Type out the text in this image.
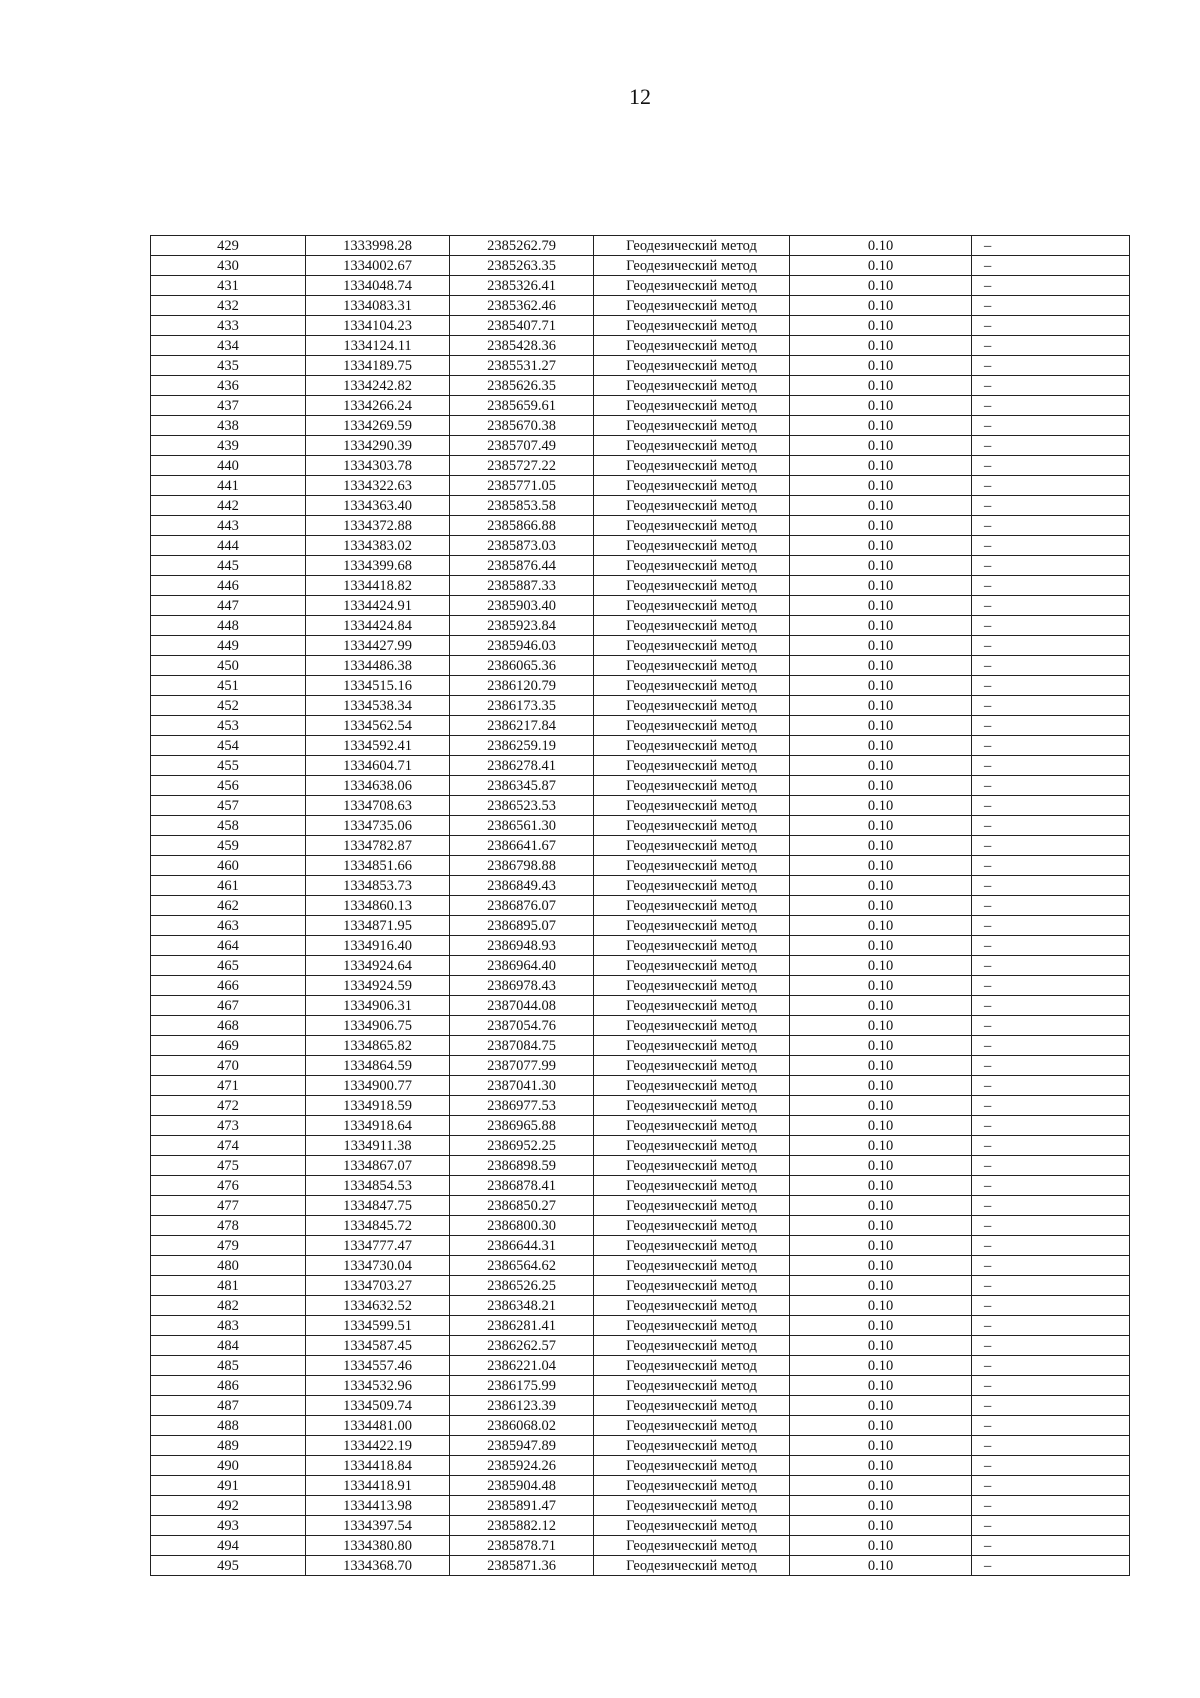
12
429	1333998.28	2385262.79	Геодезический метод	0.10	–
430	1334002.67	2385263.35	Геодезический метод	0.10	–
431	1334048.74	2385326.41	Геодезический метод	0.10	–
432	1334083.31	2385362.46	Геодезический метод	0.10	–
433	1334104.23	2385407.71	Геодезический метод	0.10	–
434	1334124.11	2385428.36	Геодезический метод	0.10	–
435	1334189.75	2385531.27	Геодезический метод	0.10	–
436	1334242.82	2385626.35	Геодезический метод	0.10	–
437	1334266.24	2385659.61	Геодезический метод	0.10	–
438	1334269.59	2385670.38	Геодезический метод	0.10	–
439	1334290.39	2385707.49	Геодезический метод	0.10	–
440	1334303.78	2385727.22	Геодезический метод	0.10	–
441	1334322.63	2385771.05	Геодезический метод	0.10	–
442	1334363.40	2385853.58	Геодезический метод	0.10	–
443	1334372.88	2385866.88	Геодезический метод	0.10	–
444	1334383.02	2385873.03	Геодезический метод	0.10	–
445	1334399.68	2385876.44	Геодезический метод	0.10	–
446	1334418.82	2385887.33	Геодезический метод	0.10	–
447	1334424.91	2385903.40	Геодезический метод	0.10	–
448	1334424.84	2385923.84	Геодезический метод	0.10	–
449	1334427.99	2385946.03	Геодезический метод	0.10	–
450	1334486.38	2386065.36	Геодезический метод	0.10	–
451	1334515.16	2386120.79	Геодезический метод	0.10	–
452	1334538.34	2386173.35	Геодезический метод	0.10	–
453	1334562.54	2386217.84	Геодезический метод	0.10	–
454	1334592.41	2386259.19	Геодезический метод	0.10	–
455	1334604.71	2386278.41	Геодезический метод	0.10	–
456	1334638.06	2386345.87	Геодезический метод	0.10	–
457	1334708.63	2386523.53	Геодезический метод	0.10	–
458	1334735.06	2386561.30	Геодезический метод	0.10	–
459	1334782.87	2386641.67	Геодезический метод	0.10	–
460	1334851.66	2386798.88	Геодезический метод	0.10	–
461	1334853.73	2386849.43	Геодезический метод	0.10	–
462	1334860.13	2386876.07	Геодезический метод	0.10	–
463	1334871.95	2386895.07	Геодезический метод	0.10	–
464	1334916.40	2386948.93	Геодезический метод	0.10	–
465	1334924.64	2386964.40	Геодезический метод	0.10	–
466	1334924.59	2386978.43	Геодезический метод	0.10	–
467	1334906.31	2387044.08	Геодезический метод	0.10	–
468	1334906.75	2387054.76	Геодезический метод	0.10	–
469	1334865.82	2387084.75	Геодезический метод	0.10	–
470	1334864.59	2387077.99	Геодезический метод	0.10	–
471	1334900.77	2387041.30	Геодезический метод	0.10	–
472	1334918.59	2386977.53	Геодезический метод	0.10	–
473	1334918.64	2386965.88	Геодезический метод	0.10	–
474	1334911.38	2386952.25	Геодезический метод	0.10	–
475	1334867.07	2386898.59	Геодезический метод	0.10	–
476	1334854.53	2386878.41	Геодезический метод	0.10	–
477	1334847.75	2386850.27	Геодезический метод	0.10	–
478	1334845.72	2386800.30	Геодезический метод	0.10	–
479	1334777.47	2386644.31	Геодезический метод	0.10	–
480	1334730.04	2386564.62	Геодезический метод	0.10	–
481	1334703.27	2386526.25	Геодезический метод	0.10	–
482	1334632.52	2386348.21	Геодезический метод	0.10	–
483	1334599.51	2386281.41	Геодезический метод	0.10	–
484	1334587.45	2386262.57	Геодезический метод	0.10	–
485	1334557.46	2386221.04	Геодезический метод	0.10	–
486	1334532.96	2386175.99	Геодезический метод	0.10	–
487	1334509.74	2386123.39	Геодезический метод	0.10	–
488	1334481.00	2386068.02	Геодезический метод	0.10	–
489	1334422.19	2385947.89	Геодезический метод	0.10	–
490	1334418.84	2385924.26	Геодезический метод	0.10	–
491	1334418.91	2385904.48	Геодезический метод	0.10	–
492	1334413.98	2385891.47	Геодезический метод	0.10	–
493	1334397.54	2385882.12	Геодезический метод	0.10	–
494	1334380.80	2385878.71	Геодезический метод	0.10	–
495	1334368.70	2385871.36	Геодезический метод	0.10	–
